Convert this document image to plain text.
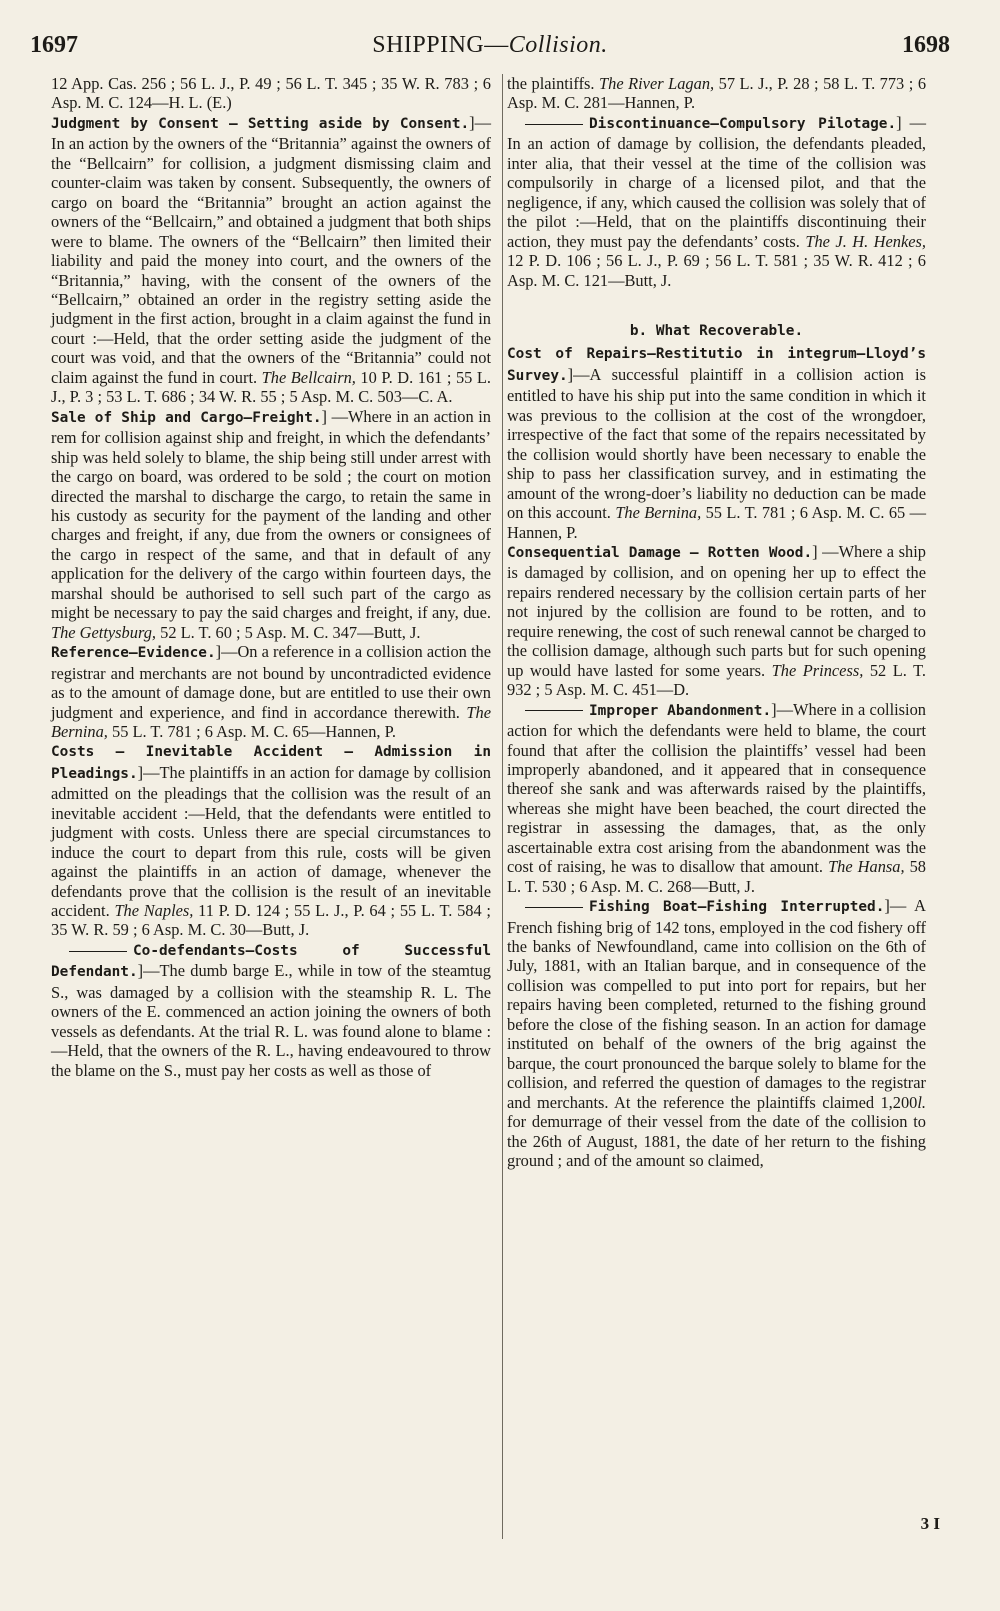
1697	SHIPPING—Collision.	1698

12 App. Cas. 256 ; 56 L. J., P. 49 ; 56 L. T. 345 ; 35 W. R. 783 ; 6 Asp. M. C. 124—H. L. (E.)

Judgment by Consent — Setting aside by Consent.]—In an action by the owners of the “Britannia” against the owners of the “Bellcairn” for collision, a judgment dismissing claim and counter-claim was taken by consent. Subsequently, the owners of cargo on board the “Britannia” brought an action against the owners of the “Bellcairn,” and obtained a judgment that both ships were to blame. The owners of the “Bellcairn” then limited their liability and paid the money into court, and the owners of the “Britannia,” having, with the consent of the owners of the “Bellcairn,” obtained an order in the registry setting aside the judgment in the first action, brought in a claim against the fund in court :—Held, that the order setting aside the judgment of the court was void, and that the owners of the “Britannia” could not claim against the fund in court. The Bellcairn, 10 P. D. 161 ; 55 L. J., P. 3 ; 53 L. T. 686 ; 34 W. R. 55 ; 5 Asp. M. C. 503—C. A.

Sale of Ship and Cargo—Freight.] —Where in an action in rem for collision against ship and freight, in which the defendants’ ship was held solely to blame, the ship being still under arrest with the cargo on board, was ordered to be sold ; the court on motion directed the marshal to discharge the cargo, to retain the same in his custody as security for the payment of the landing and other charges and freight, if any, due from the owners or consignees of the cargo in respect of the same, and that in default of any application for the delivery of the cargo within fourteen days, the marshal should be authorised to sell such part of the cargo as might be necessary to pay the said charges and freight, if any, due. The Gettysburg, 52 L. T. 60 ; 5 Asp. M. C. 347—Butt, J.

Reference—Evidence.]—On a reference in a collision action the registrar and merchants are not bound by uncontradicted evidence as to the amount of damage done, but are entitled to use their own judgment and experience, and find in accordance therewith. The Bernina, 55 L. T. 781 ; 6 Asp. M. C. 65—Hannen, P.

Costs — Inevitable Accident — Admission in Pleadings.]—The plaintiffs in an action for damage by collision admitted on the pleadings that the collision was the result of an inevitable accident :—Held, that the defendants were entitled to judgment with costs. Unless there are special circumstances to induce the court to depart from this rule, costs will be given against the plaintiffs in an action of damage, whenever the defendants prove that the collision is the result of an inevitable accident. The Naples, 11 P. D. 124 ; 55 L. J., P. 64 ; 55 L. T. 584 ; 35 W. R. 59 ; 6 Asp. M. C. 30—Butt, J.

Co-defendants—Costs of Successful Defendant.]—The dumb barge E., while in tow of the steamtug S., was damaged by a collision with the steamship R. L. The owners of the E. commenced an action joining the owners of both vessels as defendants. At the trial R. L. was found alone to blame :—Held, that the owners of the R. L., having endeavoured to throw the blame on the S., must pay her costs as well as those of

the plaintiffs. The River Lagan, 57 L. J., P. 28 ; 58 L. T. 773 ; 6 Asp. M. C. 281—Hannen, P.

Discontinuance—Compulsory Pilotage.] —In an action of damage by collision, the defendants pleaded, inter alia, that their vessel at the time of the collision was compulsorily in charge of a licensed pilot, and that the negligence, if any, which caused the collision was solely that of the pilot :—Held, that on the plaintiffs discontinuing their action, they must pay the defendants’ costs. The J. H. Henkes, 12 P. D. 106 ; 56 L. J., P. 69 ; 56 L. T. 581 ; 35 W. R. 412 ; 6 Asp. M. C. 121—Butt, J.

b. What Recoverable.

Cost of Repairs—Restitutio in integrum—Lloyd’s Survey.]—A successful plaintiff in a collision action is entitled to have his ship put into the same condition in which it was previous to the collision at the cost of the wrongdoer, irrespective of the fact that some of the repairs necessitated by the collision would shortly have been necessary to enable the ship to pass her classification survey, and in estimating the amount of the wrong-doer’s liability no deduction can be made on this account. The Bernina, 55 L. T. 781 ; 6 Asp. M. C. 65 —Hannen, P.

Consequential Damage — Rotten Wood.] —Where a ship is damaged by collision, and on opening her up to effect the repairs rendered necessary by the collision certain parts of her not injured by the collision are found to be rotten, and to require renewing, the cost of such renewal cannot be charged to the collision damage, although such parts but for such opening up would have lasted for some years. The Princess, 52 L. T. 932 ; 5 Asp. M. C. 451—D.

Improper Abandonment.]—Where in a collision action for which the defendants were held to blame, the court found that after the collision the plaintiffs’ vessel had been improperly abandoned, and it appeared that in consequence thereof she sank and was afterwards raised by the plaintiffs, whereas she might have been beached, the court directed the registrar in assessing the damages, that, as the only ascertainable extra cost arising from the abandonment was the cost of raising, he was to disallow that amount. The Hansa, 58 L. T. 530 ; 6 Asp. M. C. 268—Butt, J.

Fishing Boat—Fishing Interrupted.]— A French fishing brig of 142 tons, employed in the cod fishery off the banks of Newfoundland, came into collision on the 6th of July, 1881, with an Italian barque, and in consequence of the collision was compelled to put into port for repairs, but her repairs having been completed, returned to the fishing ground before the close of the fishing season. In an action for damage instituted on behalf of the owners of the brig against the barque, the court pronounced the barque solely to blame for the collision, and referred the question of damages to the registrar and merchants. At the reference the plaintiffs claimed 1,200l. for demurrage of their vessel from the date of the collision to the 26th of August, 1881, the date of her return to the fishing ground ; and of the amount so claimed,

3 I
